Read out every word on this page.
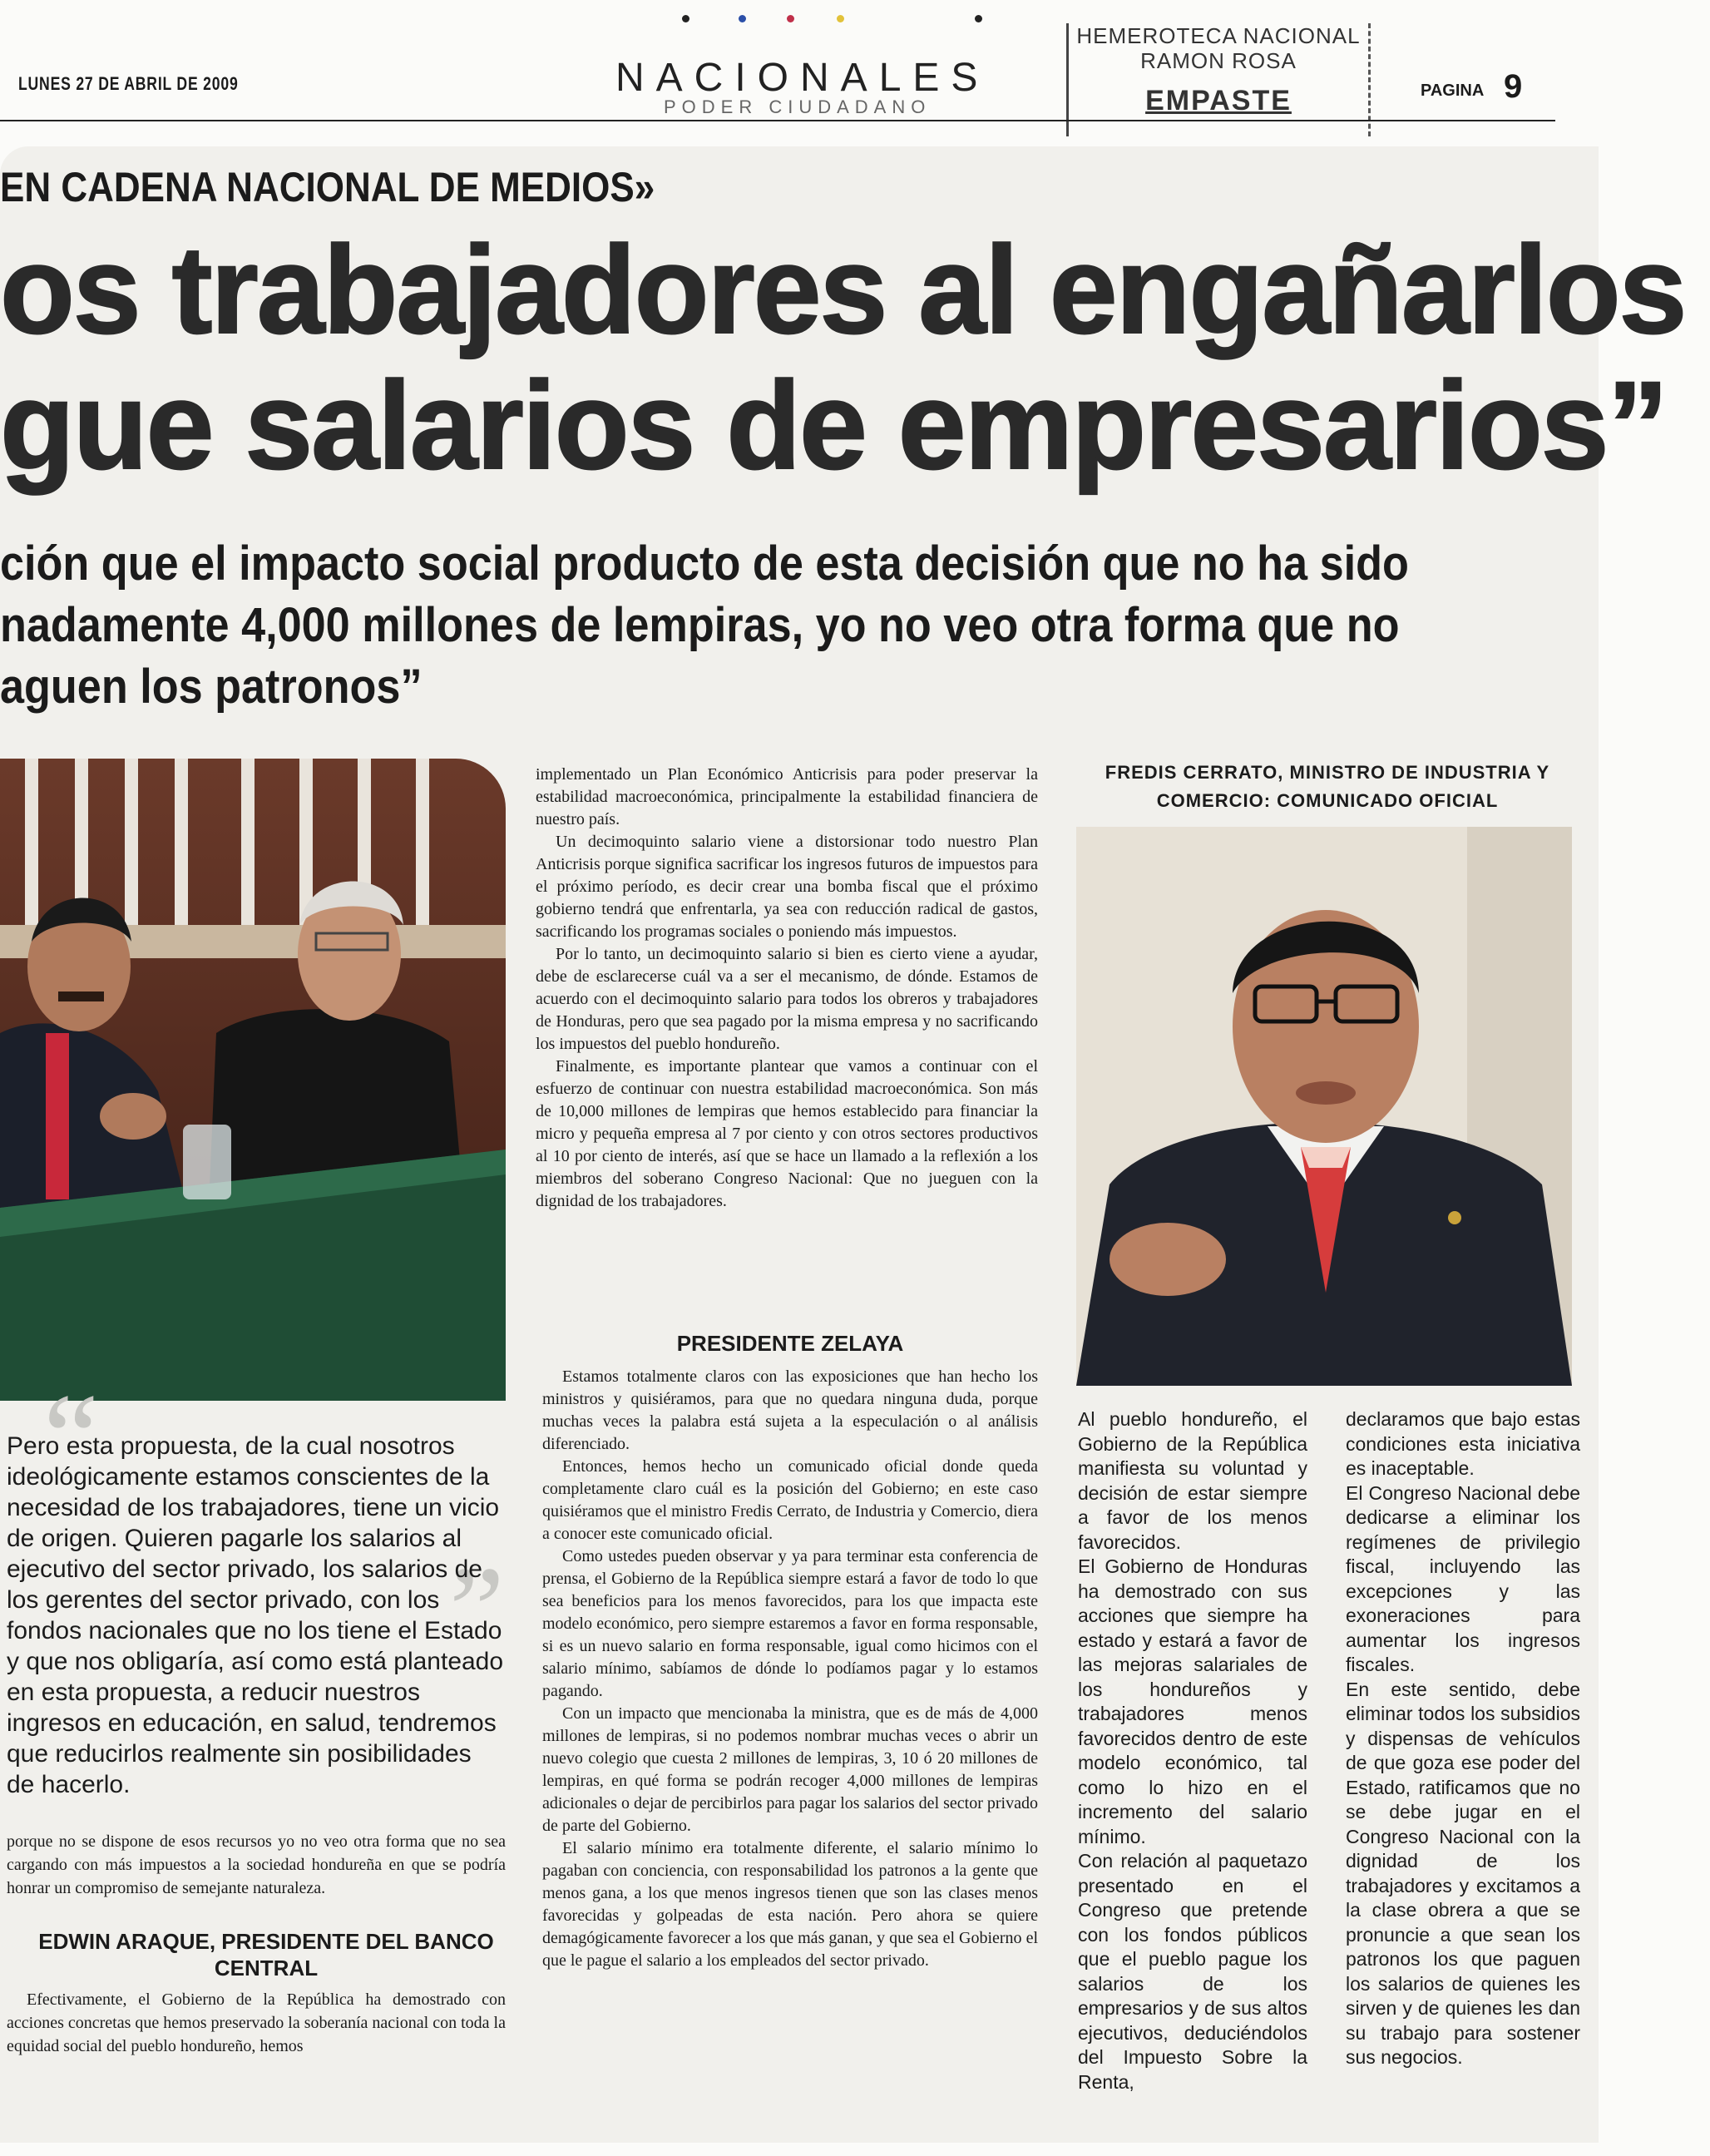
LUNES 27 DE ABRIL DE 2009	NACIONALES
PODER CIUDADANO
HEMEROTECA NACIONAL
RAMON ROSA
EMPASTE	PAGINA 9
EN CADENA NACIONAL DE MEDIOS»
os trabajadores al engañarlos
gue salarios de empresarios”
ción que el impacto social producto de esta decisión que no ha sido
nadamente 4,000 millones de lempiras, yo no veo otra forma que no
aguen los patronos”

implementado un Plan Económico Anticrisis para poder preservar la estabilidad macroeconómica, principalmente la estabilidad financiera de nuestro país.

Un decimoquinto salario viene a distorsionar todo nuestro Plan Anticrisis porque significa sacrificar los ingresos futuros de impuestos para el próximo período, es decir crear una bomba fiscal que el próximo gobierno tendrá que enfrentarla, ya sea con reducción radical de gastos, sacrificando los programas sociales o poniendo más impuestos.

Por lo tanto, un decimoquinto salario si bien es cierto viene a ayudar, debe de esclarecerse cuál va a ser el mecanismo, de dónde. Estamos de acuerdo con el decimoquinto salario para todos los obreros y trabajadores de Honduras, pero que sea pagado por la misma empresa y no sacrificando los impuestos del pueblo hondureño.

Finalmente, es importante plantear que vamos a continuar con el esfuerzo de continuar con nuestra estabilidad macroeconómica. Son más de 10,000 millones de lempiras que hemos establecido para financiar la micro y pequeña empresa al 7 por ciento y con otros sectores productivos al 10 por ciento de interés, así que se hace un llamado a la reflexión a los miembros del soberano Congreso Nacional: Que no jueguen con la dignidad de los trabajadores.

PRESIDENTE ZELAYA

Estamos totalmente claros con las exposiciones que han hecho los ministros y quisiéramos, para que no quedara ninguna duda, porque muchas veces la palabra está sujeta a la especulación o al análisis diferenciado.

Entonces, hemos hecho un comunicado oficial donde queda completamente claro cuál es la posición del Gobierno; en este caso quisiéramos que el ministro Fredis Cerrato, de Industria y Comercio, diera a conocer este comunicado oficial.

Como ustedes pueden observar y ya para terminar esta conferencia de prensa, el Gobierno de la República siempre estará a favor de todo lo que sea beneficios para los menos favorecidos, para los que impacta este modelo económico, pero siempre estaremos a favor en forma responsable, si es un nuevo salario en forma responsable, igual como hicimos con el salario mínimo, sabíamos de dónde lo podíamos pagar y lo estamos pagando.

Con un impacto que mencionaba la ministra, que es de más de 4,000 millones de lempiras, si no podemos nombrar muchas veces o abrir un nuevo colegio que cuesta 2 millones de lempiras, 3, 10 ó 20 millones de lempiras, en qué forma se podrán recoger 4,000 millones de lempiras adicionales o dejar de percibirlos para pagar los salarios del sector privado de parte del Gobierno.

El salario mínimo era totalmente diferente, el salario mínimo lo pagaban con conciencia, con responsabilidad los patronos a la gente que menos gana, a los que menos ingresos tienen que son las clases menos favorecidas y golpeadas de esta nación. Pero ahora se quiere demagógicamente favorecer a los que más ganan, y que sea el Gobierno el que le pague el salario a los empleados del sector privado.

FREDIS CERRATO, MINISTRO DE INDUSTRIA Y COMERCIO: COMUNICADO OFICIAL

Al pueblo hondureño, el Gobierno de la República manifiesta su voluntad y decisión de estar siempre a favor de los menos favorecidos.

El Gobierno de Honduras ha demostrado con sus acciones que siempre ha estado y estará a favor de las mejoras salariales de los hondureños y trabajadores menos favorecidos dentro de este modelo económico, tal como lo hizo en el incremento del salario mínimo.

Con relación al paquetazo presentado en el Congreso que pretende con los fondos públicos que el pueblo pague los salarios de los empresarios y de sus altos ejecutivos, deduciéndolos del Impuesto Sobre la Renta,

declaramos que bajo estas condiciones esta iniciativa es inaceptable.

El Congreso Nacional debe dedicarse a eliminar los regímenes de privilegio fiscal, incluyendo las excepciones y las exoneraciones para aumentar los ingresos fiscales.

En este sentido, debe eliminar todos los subsidios y dispensas de vehículos de que goza ese poder del Estado, ratificamos que no se debe jugar en el Congreso Nacional con la dignidad de los trabajadores y excitamos a la clase obrera a que se pronuncie a que sean los patronos los que paguen los salarios de quienes les sirven y de quienes les dan su trabajo para sostener sus negocios.

“
”
Pero esta propuesta, de la cual nosotros ideológicamente estamos conscientes de la necesidad de los trabajadores, tiene un vicio de origen. Quieren pagarle los salarios al ejecutivo del sector privado, los salarios de los gerentes del sector privado, con los fondos nacionales que no los tiene el Estado y que nos obligaría, así como está planteado en esta propuesta, a reducir nuestros ingresos en educación, en salud, tendremos que reducirlos realmente sin posibilidades de hacerlo.
porque no se dispone de esos recursos yo no veo otra forma que no sea cargando con más impuestos a la sociedad hondureña en que se podría honrar un compromiso de semejante naturaleza.
EDWIN ARAQUE, PRESIDENTE DEL BANCO CENTRAL

Efectivamente, el Gobierno de la República ha demostrado con acciones concretas que hemos preservado la soberanía nacional con toda la equidad social del pueblo hondureño, hemos
